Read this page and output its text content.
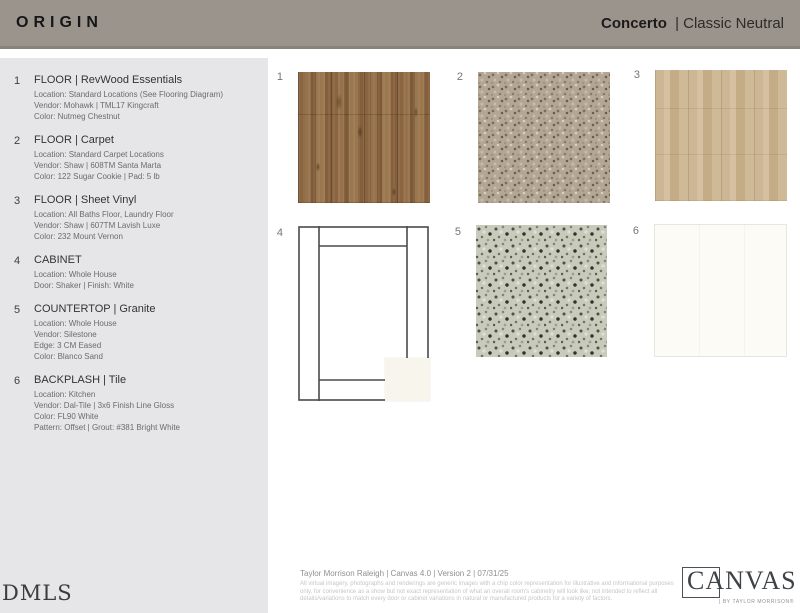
ORIGIN	Concerto | Classic Neutral
1	FLOOR | RevWood Essentials
Location: Standard Locations (See Flooring Diagram)
Vendor: Mohawk | TML17 Kingcraft
Color: Nutmeg Chestnut
2	FLOOR | Carpet
Location: Standard Carpet Locations
Vendor: Shaw | 608TM Santa Marta
Color: 122 Sugar Cookie | Pad: 5 lb
3	FLOOR | Sheet Vinyl
Location: All Baths Floor, Laundry Floor
Vendor: Shaw | 607TM Lavish Luxe
Color: 232 Mount Vernon
4	CABINET
Location: Whole House
Door: Shaker | Finish: White
5	COUNTERTOP | Granite
Location: Whole House
Vendor: Silestone
Edge: 3 CM Eased
Color: Blanco Sand
6	BACKPLASH | Tile
Location: Kitchen
Vendor: Dal-Tile | 3x6 Finish Line Gloss
Color: FL90 White
Pattern: Offset | Grout: #381 Bright White
DMLS
1	2	3
4	5	6
Taylor Morrison Raleigh | Canvas 4.0 | Version 2 | 07/31/25
All virtual imagery, photographs and renderings are generic images with a chip color representation for illustrative and informational purposes only, for convenience as a show but not exact representation of what an overall room's cabinetry will look like; not intended to reflect all details/variations to match every door or cabinet variations in natural or manufactured products for a variety of factors.
CANVAS
| BY TAYLOR MORRISON®
